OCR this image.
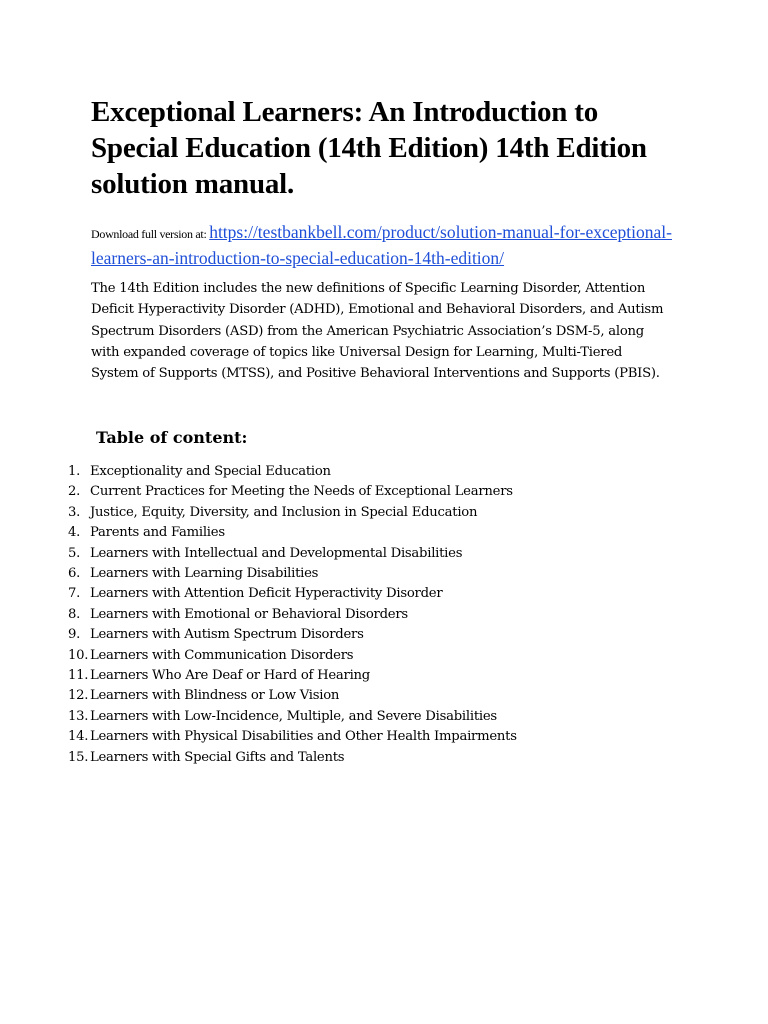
Exceptional Learners: An Introduction to Special Education (14th Edition) 14th Edition solution manual.

Download full version at: https://testbankbell.com/product/solution-manual-for-exceptional-learners-an-introduction-to-special-education-14th-edition/

The 14th Edition includes the new definitions of Specific Learning Disorder, Attention Deficit Hyperactivity Disorder (ADHD), Emotional and Behavioral Disorders, and Autism Spectrum Disorders (ASD) from the American Psychiatric Association’s DSM-5, along with expanded coverage of topics like Universal Design for Learning, Multi-Tiered System of Supports (MTSS), and Positive Behavioral Interventions and Supports (PBIS).

Table of content:
1. Exceptionality and Special Education
2. Current Practices for Meeting the Needs of Exceptional Learners
3. Justice, Equity, Diversity, and Inclusion in Special Education
4. Parents and Families
5. Learners with Intellectual and Developmental Disabilities
6. Learners with Learning Disabilities
7. Learners with Attention Deficit Hyperactivity Disorder
8. Learners with Emotional or Behavioral Disorders
9. Learners with Autism Spectrum Disorders
10. Learners with Communication Disorders
11. Learners Who Are Deaf or Hard of Hearing
12. Learners with Blindness or Low Vision
13. Learners with Low-Incidence, Multiple, and Severe Disabilities
14. Learners with Physical Disabilities and Other Health Impairments
15. Learners with Special Gifts and Talents
